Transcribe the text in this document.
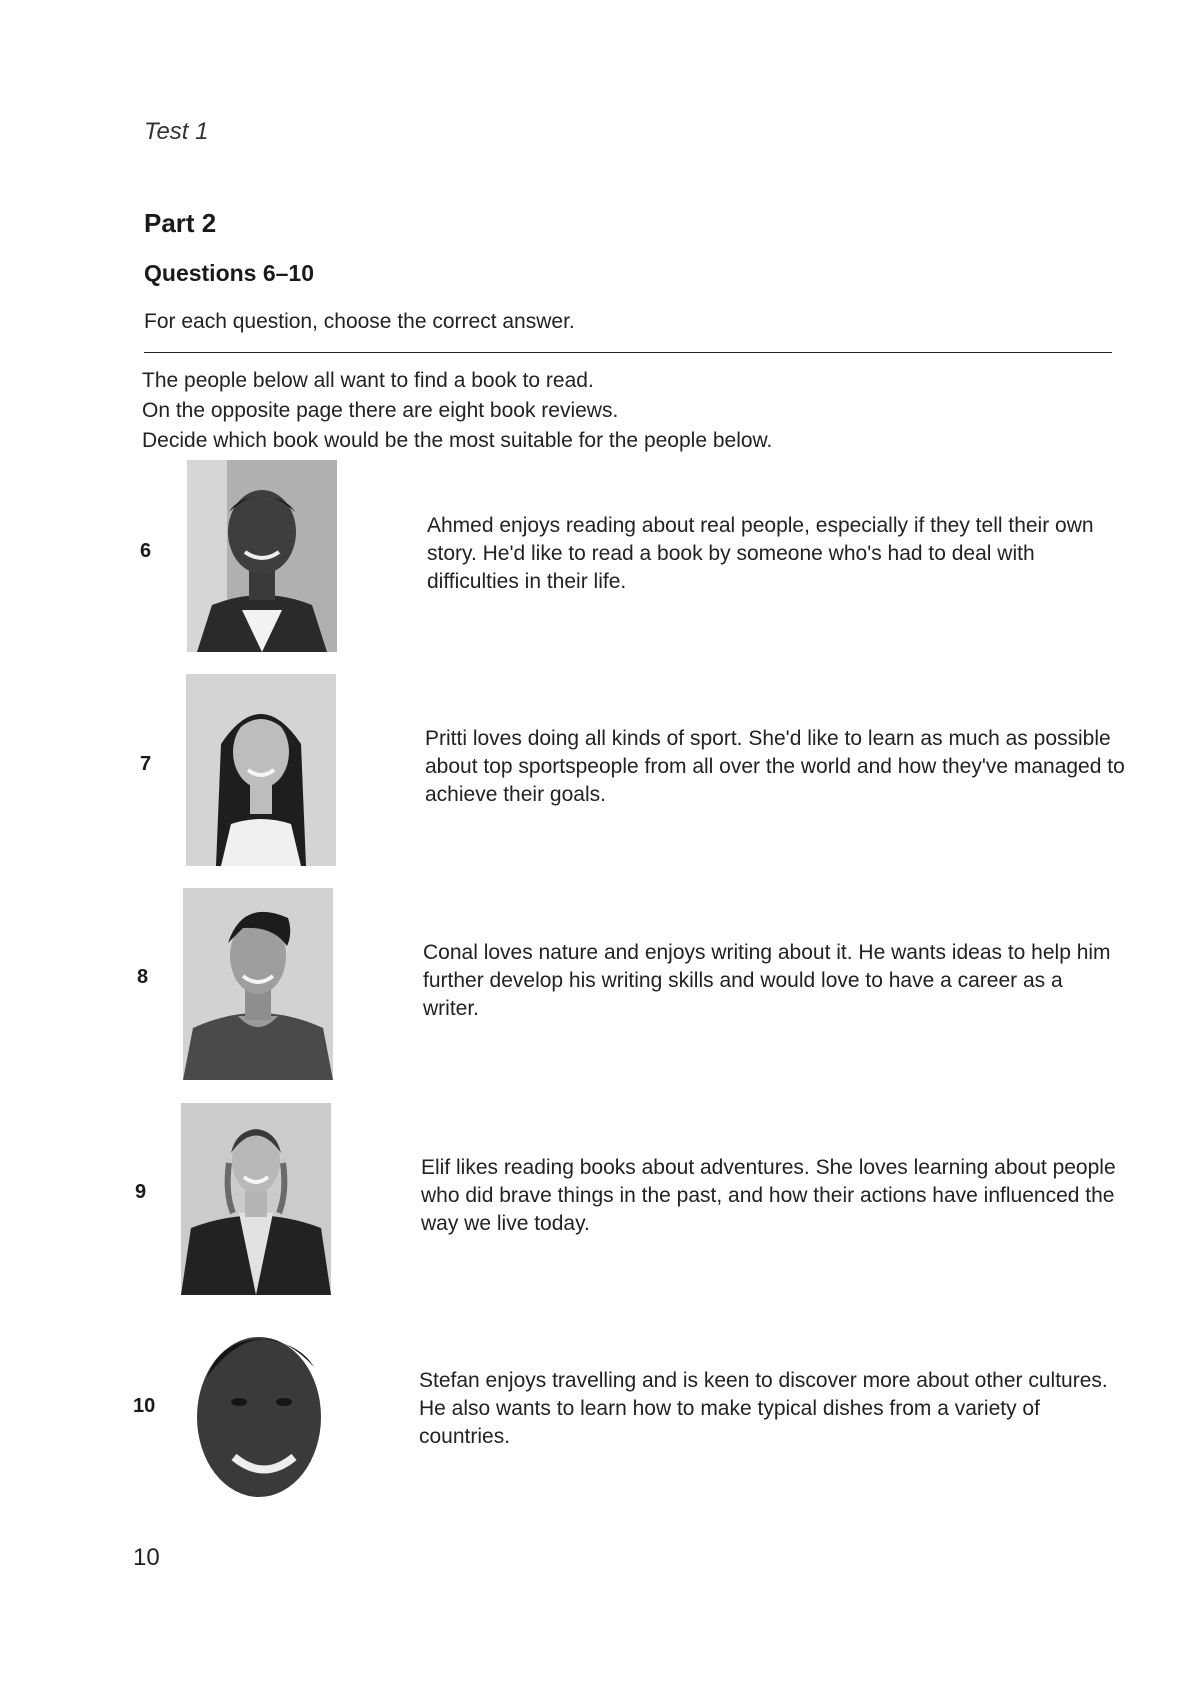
Test 1
Part 2
Questions 6–10
For each question, choose the correct answer.
The people below all want to find a book to read.
On the opposite page there are eight book reviews.
Decide which book would be the most suitable for the people below.
6
Ahmed enjoys reading about real people, especially if they tell their own story. He'd like to read a book by someone who's had to deal with difficulties in their life.
7
Pritti loves doing all kinds of sport. She'd like to learn as much as possible about top sportspeople from all over the world and how they've managed to achieve their goals.
8
Conal loves nature and enjoys writing about it. He wants ideas to help him further develop his writing skills and would love to have a career as a writer.
9
Elif likes reading books about adventures. She loves learning about people who did brave things in the past, and how their actions have influenced the way we live today.
10
Stefan enjoys travelling and is keen to discover more about other cultures. He also wants to learn how to make typical dishes from a variety of countries.
10
